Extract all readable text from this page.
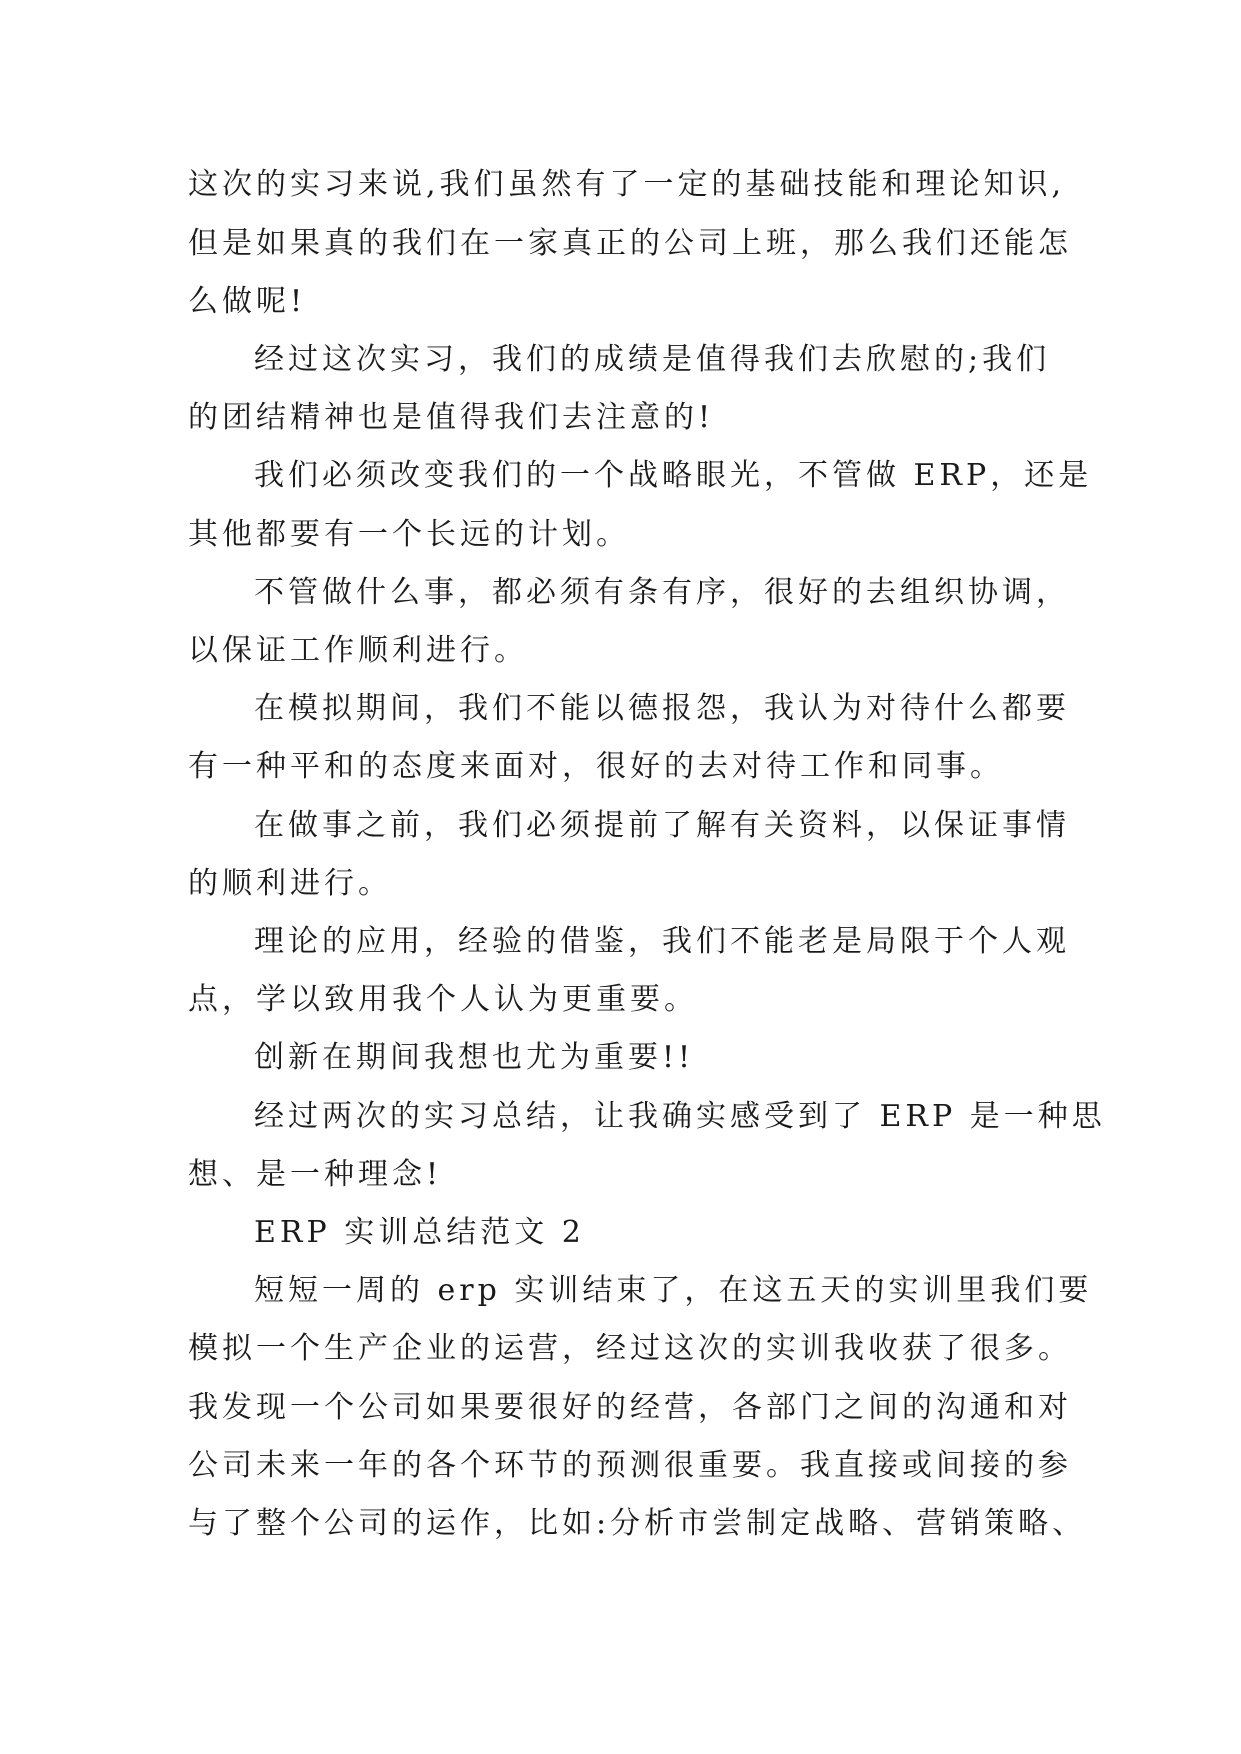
这次的实习来说,我们虽然有了一定的基础技能和理论知识,
但是如果真的我们在一家真正的公司上班，那么我们还能怎
么做呢!
经过这次实习，我们的成绩是值得我们去欣慰的;我们
的团结精神也是值得我们去注意的!
我们必须改变我们的一个战略眼光，不管做 ERP，还是
其他都要有一个长远的计划。
不管做什么事，都必须有条有序，很好的去组织协调，
以保证工作顺利进行。
在模拟期间，我们不能以德报怨，我认为对待什么都要
有一种平和的态度来面对，很好的去对待工作和同事。
在做事之前，我们必须提前了解有关资料，以保证事情
的顺利进行。
理论的应用，经验的借鉴，我们不能老是局限于个人观
点，学以致用我个人认为更重要。
创新在期间我想也尤为重要!!
经过两次的实习总结，让我确实感受到了 ERP 是一种思
想、是一种理念!
ERP 实训总结范文 2
短短一周的 erp 实训结束了，在这五天的实训里我们要
模拟一个生产企业的运营，经过这次的实训我收获了很多。
我发现一个公司如果要很好的经营，各部门之间的沟通和对
公司未来一年的各个环节的预测很重要。我直接或间接的参
与了整个公司的运作，比如:分析市尝制定战略、营销策略、
